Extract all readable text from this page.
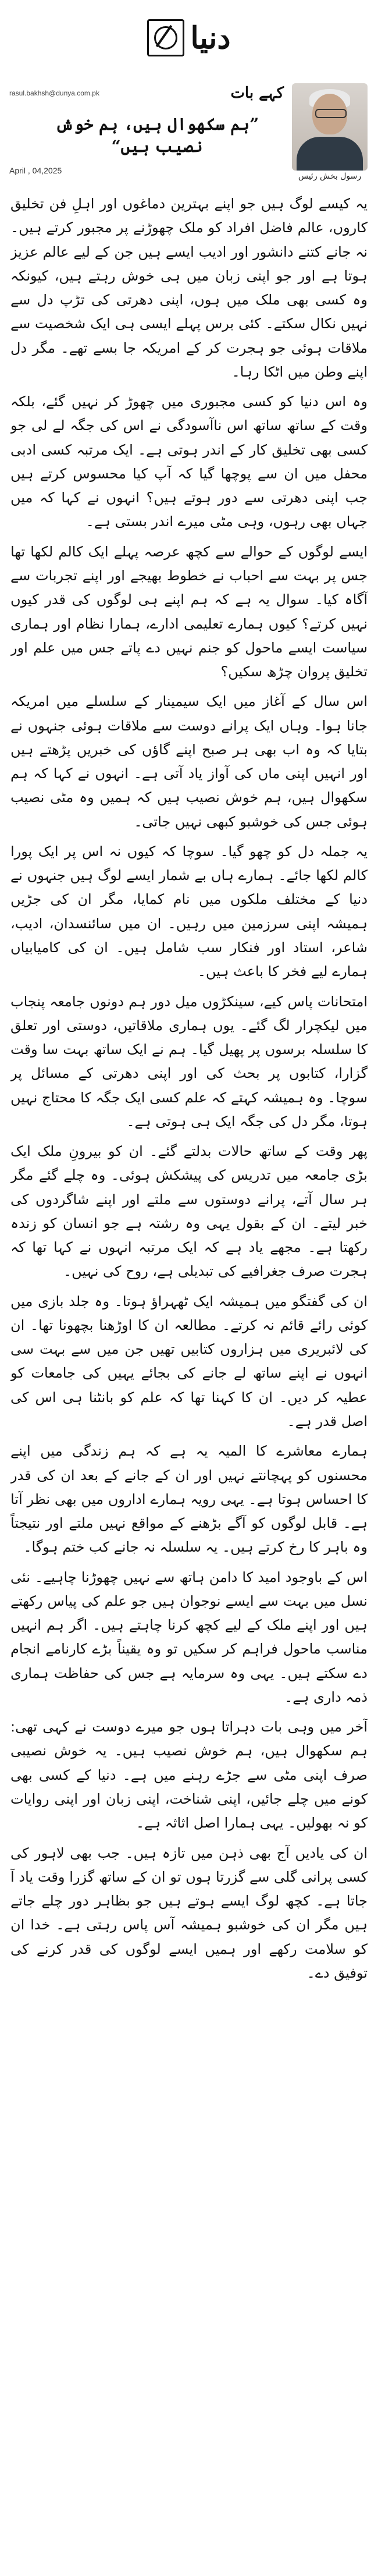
دنیا
رسول بخش رئیس
کہے بات
rasul.bakhsh@dunya.com.pk
”ہم سکھوال ہیں، ہم خوش نصیب ہیں“
April , 04,2025

یہ کیسے لوگ ہیں جو اپنے بہترین دماغوں اور اہلِ فن تخلیق کاروں، عالم فاضل افراد کو ملک چھوڑنے پر مجبور کرتے ہیں۔ نہ جانے کتنے دانشور اور ادیب ایسے ہیں جن کے لیے عالم عزیز ہوتا ہے اور جو اپنی زبان میں ہی خوش رہتے ہیں، کیونکہ وہ کسی بھی ملک میں ہوں، اپنی دھرتی کی تڑپ دل سے نہیں نکال سکتے۔ کئی برس پہلے ایسی ہی ایک شخصیت سے ملاقات ہوئی جو ہجرت کر کے امریکہ جا بسے تھے۔ مگر دل اپنے وطن میں اٹکا رہا۔

وہ اس دنیا کو کسی مجبوری میں چھوڑ کر نہیں گئے، بلکہ وقت کے ساتھ ساتھ اس ناآسودگی نے اس کی جگہ لے لی جو کسی بھی تخلیق کار کے اندر ہوتی ہے۔ ایک مرتبہ کسی ادبی محفل میں ان سے پوچھا گیا کہ آپ کیا محسوس کرتے ہیں جب اپنی دھرتی سے دور ہوتے ہیں؟ انہوں نے کہا کہ میں جہاں بھی رہوں، وہی مٹی میرے اندر بستی ہے۔

ایسے لوگوں کے حوالے سے کچھ عرصہ پہلے ایک کالم لکھا تھا جس پر بہت سے احباب نے خطوط بھیجے اور اپنے تجربات سے آگاہ کیا۔ سوال یہ ہے کہ ہم اپنے ہی لوگوں کی قدر کیوں نہیں کرتے؟ کیوں ہمارے تعلیمی ادارے، ہمارا نظام اور ہماری سیاست ایسے ماحول کو جنم نہیں دے پاتے جس میں علم اور تخلیق پروان چڑھ سکیں؟

اس سال کے آغاز میں ایک سیمینار کے سلسلے میں امریکہ جانا ہوا۔ وہاں ایک پرانے دوست سے ملاقات ہوئی جنہوں نے بتایا کہ وہ اب بھی ہر صبح اپنے گاؤں کی خبریں پڑھتے ہیں اور انہیں اپنی ماں کی آواز یاد آتی ہے۔ انہوں نے کہا کہ ہم سکھوال ہیں، ہم خوش نصیب ہیں کہ ہمیں وہ مٹی نصیب ہوئی جس کی خوشبو کبھی نہیں جاتی۔

یہ جملہ دل کو چھو گیا۔ سوچا کہ کیوں نہ اس پر ایک پورا کالم لکھا جائے۔ ہمارے ہاں بے شمار ایسے لوگ ہیں جنہوں نے دنیا کے مختلف ملکوں میں نام کمایا، مگر ان کی جڑیں ہمیشہ اپنی سرزمین میں رہیں۔ ان میں سائنسدان، ادیب، شاعر، استاد اور فنکار سب شامل ہیں۔ ان کی کامیابیاں ہمارے لیے فخر کا باعث ہیں۔

امتحانات پاس کیے، سینکڑوں میل دور ہم دونوں جامعہ پنجاب میں لیکچرار لگ گئے۔ یوں ہماری ملاقاتیں، دوستی اور تعلق کا سلسلہ برسوں پر پھیل گیا۔ ہم نے ایک ساتھ بہت سا وقت گزارا، کتابوں پر بحث کی اور اپنی دھرتی کے مسائل پر سوچا۔ وہ ہمیشہ کہتے کہ علم کسی ایک جگہ کا محتاج نہیں ہوتا، مگر دل کی جگہ ایک ہی ہوتی ہے۔

پھر وقت کے ساتھ حالات بدلتے گئے۔ ان کو بیرونِ ملک ایک بڑی جامعہ میں تدریس کی پیشکش ہوئی۔ وہ چلے گئے مگر ہر سال آتے، پرانے دوستوں سے ملتے اور اپنے شاگردوں کی خبر لیتے۔ ان کے بقول یہی وہ رشتہ ہے جو انسان کو زندہ رکھتا ہے۔ مجھے یاد ہے کہ ایک مرتبہ انہوں نے کہا تھا کہ ہجرت صرف جغرافیے کی تبدیلی ہے، روح کی نہیں۔

ان کی گفتگو میں ہمیشہ ایک ٹھہراؤ ہوتا۔ وہ جلد بازی میں کوئی رائے قائم نہ کرتے۔ مطالعہ ان کا اوڑھنا بچھونا تھا۔ ان کی لائبریری میں ہزاروں کتابیں تھیں جن میں سے بہت سی انہوں نے اپنے ساتھ لے جانے کی بجائے یہیں کی جامعات کو عطیہ کر دیں۔ ان کا کہنا تھا کہ علم کو بانٹنا ہی اس کی اصل قدر ہے۔

ہمارے معاشرے کا المیہ یہ ہے کہ ہم زندگی میں اپنے محسنوں کو پہچانتے نہیں اور ان کے جانے کے بعد ان کی قدر کا احساس ہوتا ہے۔ یہی رویہ ہمارے اداروں میں بھی نظر آتا ہے۔ قابل لوگوں کو آگے بڑھنے کے مواقع نہیں ملتے اور نتیجتاً وہ باہر کا رخ کرتے ہیں۔ یہ سلسلہ نہ جانے کب ختم ہوگا۔

اس کے باوجود امید کا دامن ہاتھ سے نہیں چھوڑنا چاہیے۔ نئی نسل میں بہت سے ایسے نوجوان ہیں جو علم کی پیاس رکھتے ہیں اور اپنے ملک کے لیے کچھ کرنا چاہتے ہیں۔ اگر ہم انہیں مناسب ماحول فراہم کر سکیں تو وہ یقیناً بڑے کارنامے انجام دے سکتے ہیں۔ یہی وہ سرمایہ ہے جس کی حفاظت ہماری ذمہ داری ہے۔

آخر میں وہی بات دہراتا ہوں جو میرے دوست نے کہی تھی: ہم سکھوال ہیں، ہم خوش نصیب ہیں۔ یہ خوش نصیبی صرف اپنی مٹی سے جڑے رہنے میں ہے۔ دنیا کے کسی بھی کونے میں چلے جائیں، اپنی شناخت، اپنی زبان اور اپنی روایات کو نہ بھولیں۔ یہی ہمارا اصل اثاثہ ہے۔

ان کی یادیں آج بھی ذہن میں تازہ ہیں۔ جب بھی لاہور کی کسی پرانی گلی سے گزرتا ہوں تو ان کے ساتھ گزرا وقت یاد آ جاتا ہے۔ کچھ لوگ ایسے ہوتے ہیں جو بظاہر دور چلے جاتے ہیں مگر ان کی خوشبو ہمیشہ آس پاس رہتی ہے۔ خدا ان کو سلامت رکھے اور ہمیں ایسے لوگوں کی قدر کرنے کی توفیق دے۔
